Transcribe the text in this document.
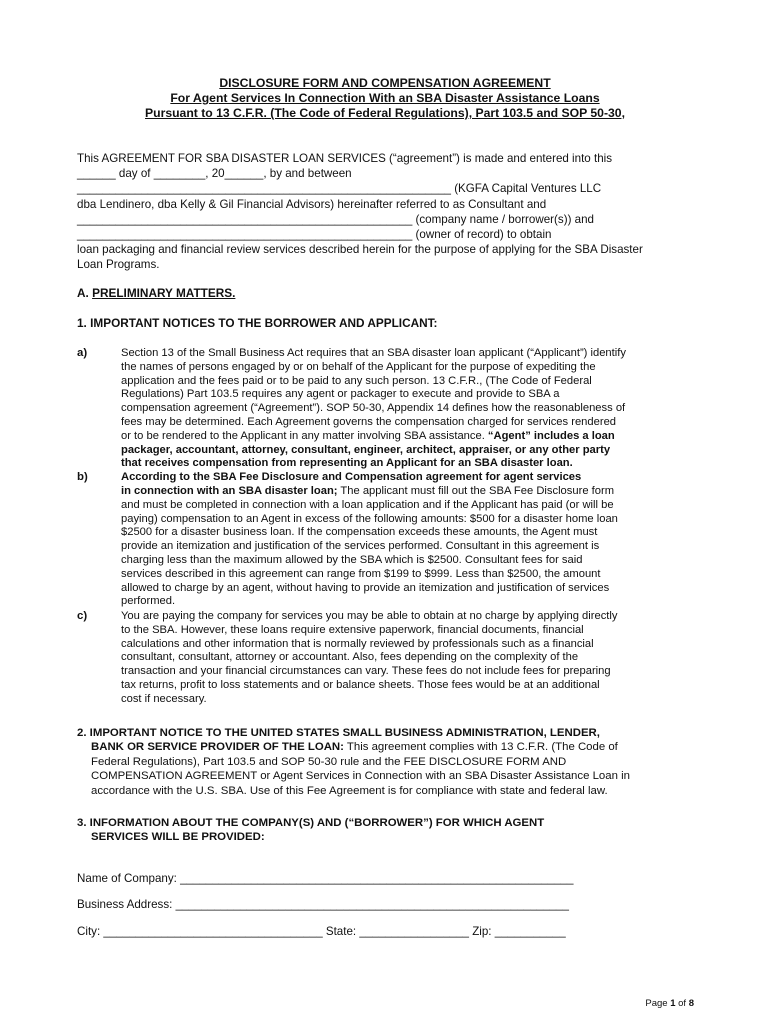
DISCLOSURE FORM AND COMPENSATION AGREEMENT
For Agent Services In Connection With an SBA Disaster Assistance Loans
Pursuant to 13 C.F.R. (The Code of Federal Regulations), Part 103.5 and SOP 50-30,
This AGREEMENT FOR SBA DISASTER LOAN SERVICES (“agreement”) is made and entered into this
______ day of ________, 20______, by and between
__________________________________________________________ (KGFA Capital Ventures LLC
dba Lendinero, dba Kelly & Gil Financial Advisors) hereinafter referred to as Consultant and
____________________________________________________ (company name / borrower(s)) and
____________________________________________________ (owner of record) to obtain
loan packaging and financial review services described herein for the purpose of applying for the SBA Disaster
Loan Programs.
A. PRELIMINARY MATTERS.
1. IMPORTANT NOTICES TO THE BORROWER AND APPLICANT:
a)	Section 13 of the Small Business Act requires that an SBA disaster loan applicant (“Applicant”) identify
the names of persons engaged by or on behalf of the Applicant for the purpose of expediting the
application and the fees paid or to be paid to any such person. 13 C.F.R., (The Code of Federal
Regulations) Part 103.5 requires any agent or packager to execute and provide to SBA a
compensation agreement (“Agreement”). SOP 50-30, Appendix 14 defines how the reasonableness of
fees may be determined. Each Agreement governs the compensation charged for services rendered
or to be rendered to the Applicant in any matter involving SBA assistance. “Agent” includes a loan
packager, accountant, attorney, consultant, engineer, architect, appraiser, or any other party
that receives compensation from representing an Applicant for an SBA disaster loan.
According to the SBA Fee Disclosure and Compensation agreement for agent services
in connection with an SBA disaster loan; The applicant must fill out the SBA Fee Disclosure form
and must be completed in connection with a loan application and if the Applicant has paid (or will be
paying) compensation to an Agent in excess of the following amounts: $500 for a disaster home loan
$2500 for a disaster business loan. If the compensation exceeds these amounts, the Agent must
provide an itemization and justification of the services performed. Consultant in this agreement is
charging less than the maximum allowed by the SBA which is $2500. Consultant fees for said
services described in this agreement can range from $199 to $999. Less than $2500, the amount
allowed to charge by an agent, without having to provide an itemization and justification of services
performed.
b)
c)	You are paying the company for services you may be able to obtain at no charge by applying directly
to the SBA. However, these loans require extensive paperwork, financial documents, financial
calculations and other information that is normally reviewed by professionals such as a financial
consultant, consultant, attorney or accountant. Also, fees depending on the complexity of the
transaction and your financial circumstances can vary. These fees do not include fees for preparing
tax returns, profit to loss statements and or balance sheets. Those fees would be at an additional
cost if necessary.
2. IMPORTANT NOTICE TO THE UNITED STATES SMALL BUSINESS ADMINISTRATION, LENDER,
BANK OR SERVICE PROVIDER OF THE LOAN: This agreement complies with 13 C.F.R. (The Code of
Federal Regulations), Part 103.5 and SOP 50-30 rule and the FEE DISCLOSURE FORM AND
COMPENSATION AGREEMENT or Agent Services in Connection with an SBA Disaster Assistance Loan in
accordance with the U.S. SBA. Use of this Fee Agreement is for compliance with state and federal law.
3. INFORMATION ABOUT THE COMPANY(S) AND (“BORROWER”) FOR WHICH AGENT
SERVICES WILL BE PROVIDED:
Name of Company: _____________________________________________________________
Business Address: _____________________________________________________________
City: __________________________________ State: _________________ Zip: ___________
Page 1 of 8
